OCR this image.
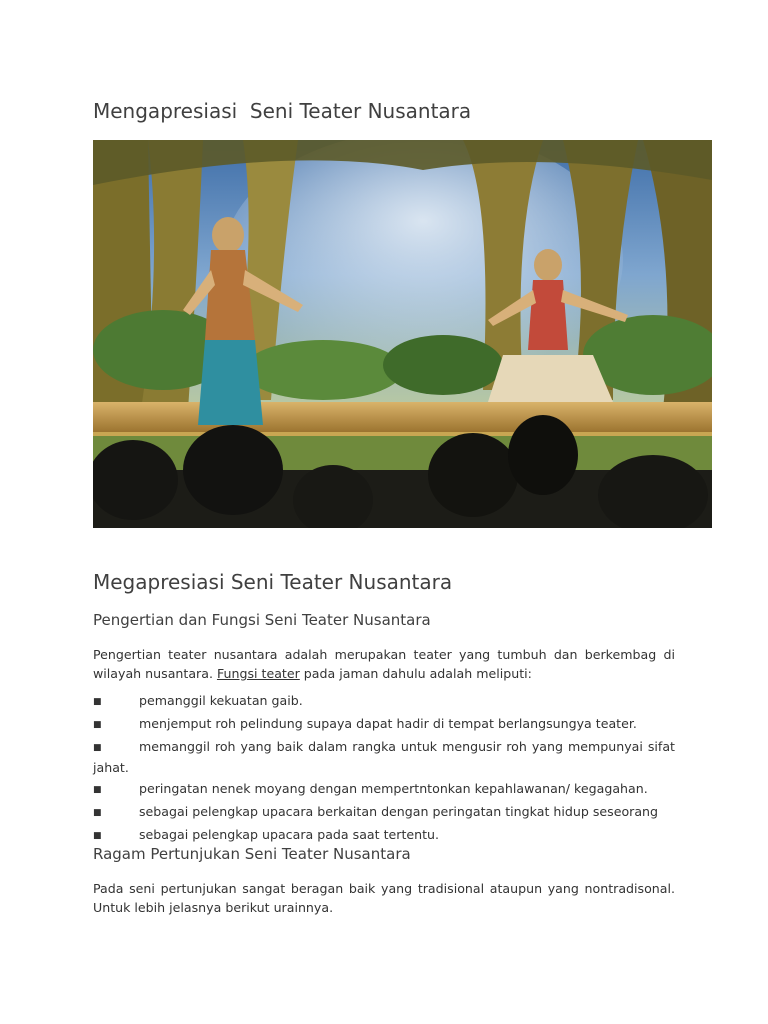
Mengapresiasi  Seni Teater Nusantara
Megapresiasi Seni Teater Nusantara
Pengertian dan Fungsi Seni Teater Nusantara

Pengertian teater nusantara adalah merupakan teater yang tumbuh dan berkembag di wilayah nusantara. Fungsi teater pada jaman dahulu adalah meliputi:

■	pemanggil kekuatan gaib.
■	menjemput roh pelindung supaya dapat hadir di tempat berlangsungya teater.
■	memanggil roh yang baik dalam rangka untuk mengusir roh yang mempunyai sifat jahat.
■	peringatan nenek moyang dengan mempertntonkan kepahlawanan/ kegagahan.
■	sebagai pelengkap upacara berkaitan dengan peringatan tingkat hidup seseorang
■	sebagai pelengkap upacara pada saat tertentu.
Ragam Pertunjukan Seni Teater Nusantara

Pada seni pertunjukan sangat beragan baik yang tradisional ataupun yang nontradisonal. Untuk lebih jelasnya berikut urainnya.
